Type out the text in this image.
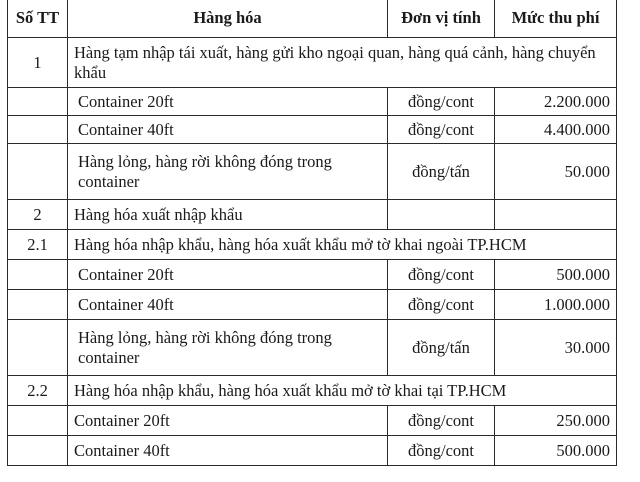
Số TT	Hàng hóa	Đơn vị tính	Mức thu phí
1	Hàng tạm nhập tái xuất, hàng gửi kho ngoại quan, hàng quá cảnh, hàng chuyển khẩu		
	Container 20ft	đồng/cont	2.200.000
	Container 40ft	đồng/cont	4.400.000
	Hàng lỏng, hàng rời không đóng trong container	đồng/tấn	50.000
2	Hàng hóa xuất nhập khẩu		
2.1	Hàng hóa nhập khẩu, hàng hóa xuất khẩu mở tờ khai ngoài TP.HCM		
	Container 20ft	đồng/cont	500.000
	Container 40ft	đồng/cont	1.000.000
	Hàng lỏng, hàng rời không đóng trong container	đồng/tấn	30.000
2.2	Hàng hóa nhập khẩu, hàng hóa xuất khẩu mở tờ khai tại TP.HCM		
	Container 20ft	đồng/cont	250.000
	Container 40ft	đồng/cont	500.000
